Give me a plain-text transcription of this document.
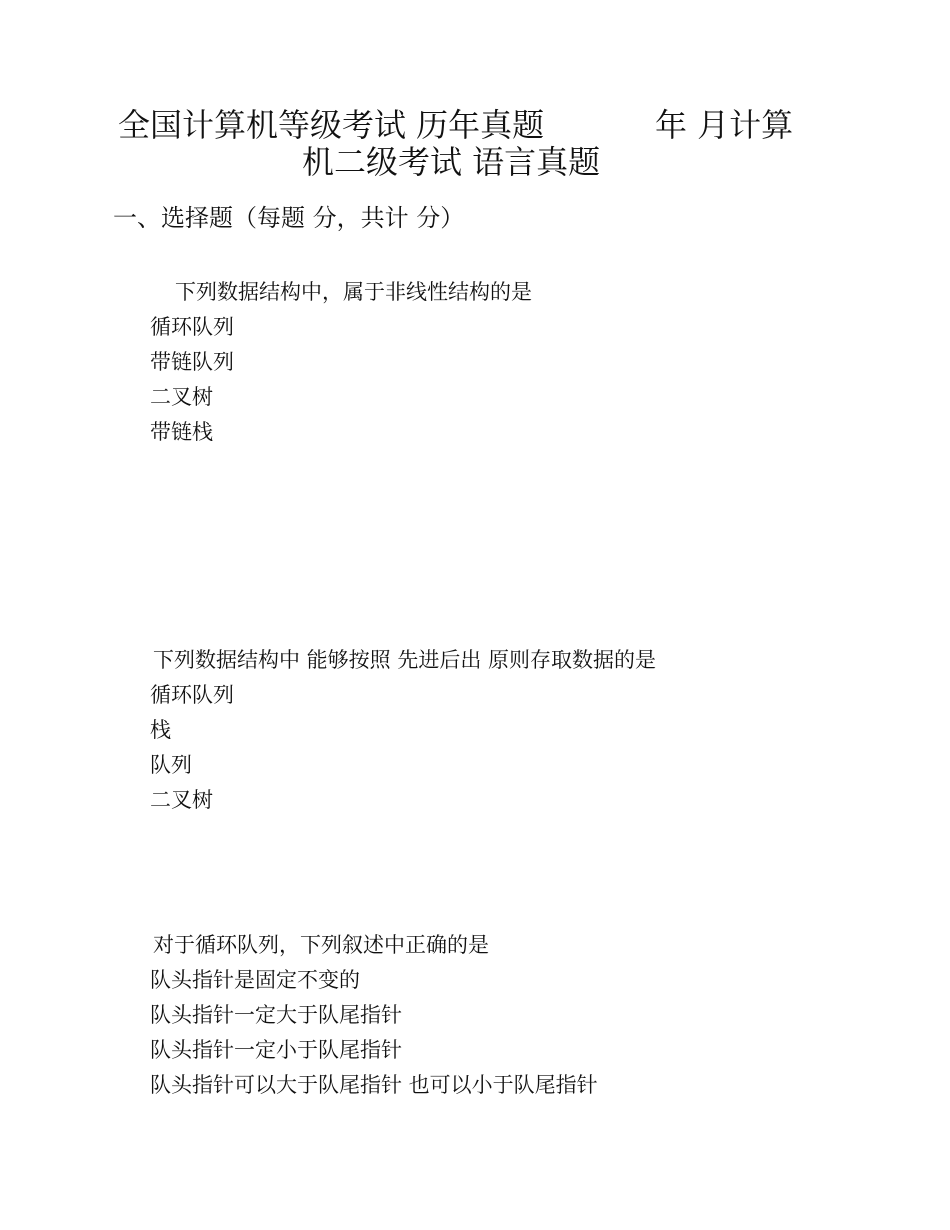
全国计算机等级考试 历年真题	年 月计算
机二级考试 语言真题
一、选择题（每题 分，共计 分）
下列数据结构中，属于非线性结构的是
循环队列
带链队列
二叉树
带链栈
下列数据结构中 能够按照 先进后出 原则存取数据的是
循环队列
栈
队列
二叉树
对于循环队列，下列叙述中正确的是
队头指针是固定不变的
队头指针一定大于队尾指针
队头指针一定小于队尾指针
队头指针可以大于队尾指针 也可以小于队尾指针
